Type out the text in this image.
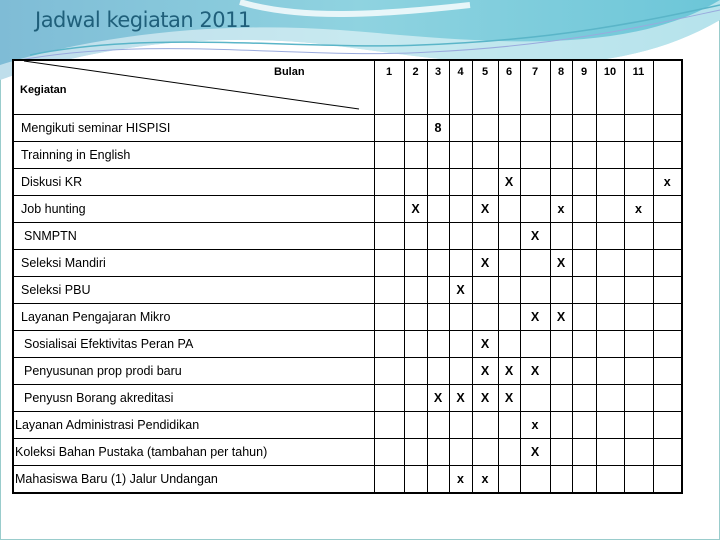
Jadwal kegiatan 2011
Bulan
Kegiatan	1	2	3	4	5	6	7	8	9	10	11	
Mengikuti seminar HISPISI			8									
Trainning in English												
Diskusi KR						X						x
Job hunting		X			X			x			x	
SNMPTN							X					
Seleksi Mandiri					X			X				
Seleksi PBU				X								
Layanan Pengajaran Mikro							X	X				
Sosialisai Efektivitas Peran PA					X							
Penyusunan prop prodi baru					X	X	X					
Penyusn Borang akreditasi			X	X	X	X						
Layanan Administrasi Pendidikan							x					
Koleksi Bahan Pustaka (tambahan per tahun)							X					
Mahasiswa Baru (1) Jalur Undangan				x	x							
